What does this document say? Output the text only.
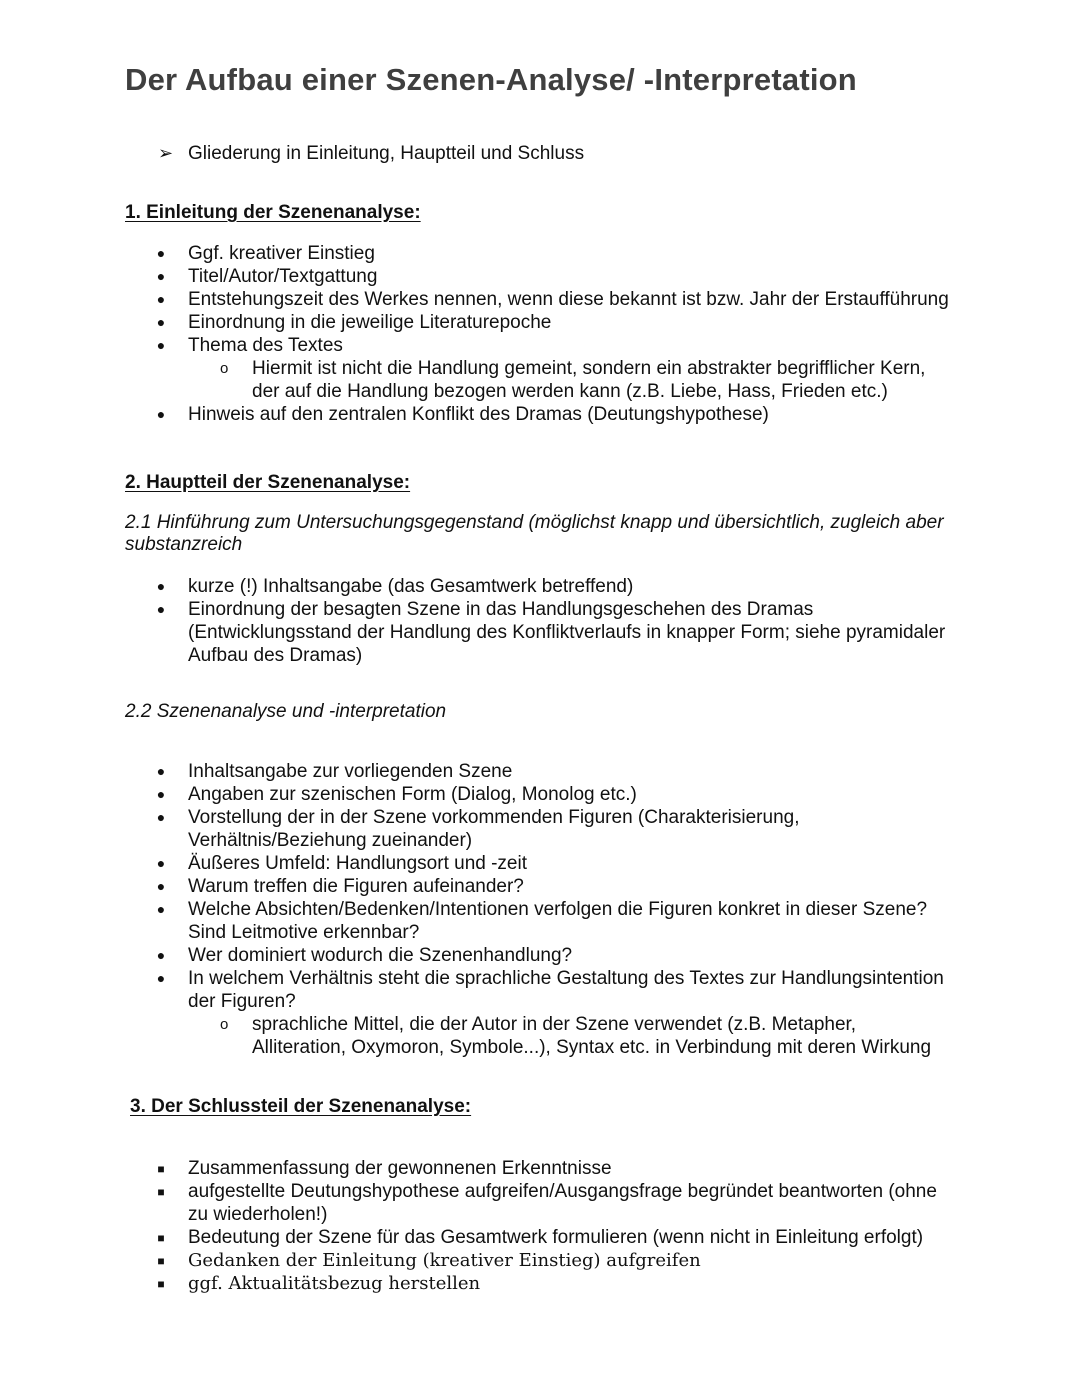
Der Aufbau einer Szenen-Analyse/ -Interpretation
➢ Gliederung in Einleitung, Hauptteil und Schluss
1. Einleitung der Szenenanalyse:
● Ggf. kreativer Einstieg
● Titel/Autor/Textgattung
● Entstehungszeit des Werkes nennen, wenn diese bekannt ist bzw. Jahr der Erstaufführung
● Einordnung in die jeweilige Literaturepoche
● Thema des Textes
o Hiermit ist nicht die Handlung gemeint, sondern ein abstrakter begrifflicher Kern, der auf die Handlung bezogen werden kann (z.B. Liebe, Hass, Frieden etc.)
● Hinweis auf den zentralen Konflikt des Dramas (Deutungshypothese)
2. Hauptteil der Szenenanalyse:

2.1 Hinführung zum Untersuchungsgegenstand (möglichst knapp und übersichtlich, zugleich aber substanzreich

● kurze (!) Inhaltsangabe (das Gesamtwerk betreffend)
● Einordnung der besagten Szene in das Handlungsgeschehen des Dramas (Entwicklungsstand der Handlung des Konfliktverlaufs in knapper Form; siehe pyramidaler Aufbau des Dramas)

2.2 Szenenanalyse und -interpretation

● Inhaltsangabe zur vorliegenden Szene
● Angaben zur szenischen Form (Dialog, Monolog etc.)
● Vorstellung der in der Szene vorkommenden Figuren (Charakterisierung, Verhältnis/Beziehung zueinander)
● Äußeres Umfeld: Handlungsort und -zeit
● Warum treffen die Figuren aufeinander?
● Welche Absichten/Bedenken/Intentionen verfolgen die Figuren konkret in dieser Szene? Sind Leitmotive erkennbar?
● Wer dominiert wodurch die Szenenhandlung?
● In welchem Verhältnis steht die sprachliche Gestaltung des Textes zur Handlungsintention der Figuren?
o sprachliche Mittel, die der Autor in der Szene verwendet (z.B. Metapher, Alliteration, Oxymoron, Symbole...), Syntax etc. in Verbindung mit deren Wirkung
3. Der Schlussteil der Szenenanalyse:
■ Zusammenfassung der gewonnenen Erkenntnisse
■ aufgestellte Deutungshypothese aufgreifen/Ausgangsfrage begründet beantworten (ohne zu wiederholen!)
■ Bedeutung der Szene für das Gesamtwerk formulieren (wenn nicht in Einleitung erfolgt)
■ Gedanken der Einleitung (kreativer Einstieg) aufgreifen
■ ggf. Aktualitätsbezug herstellen
